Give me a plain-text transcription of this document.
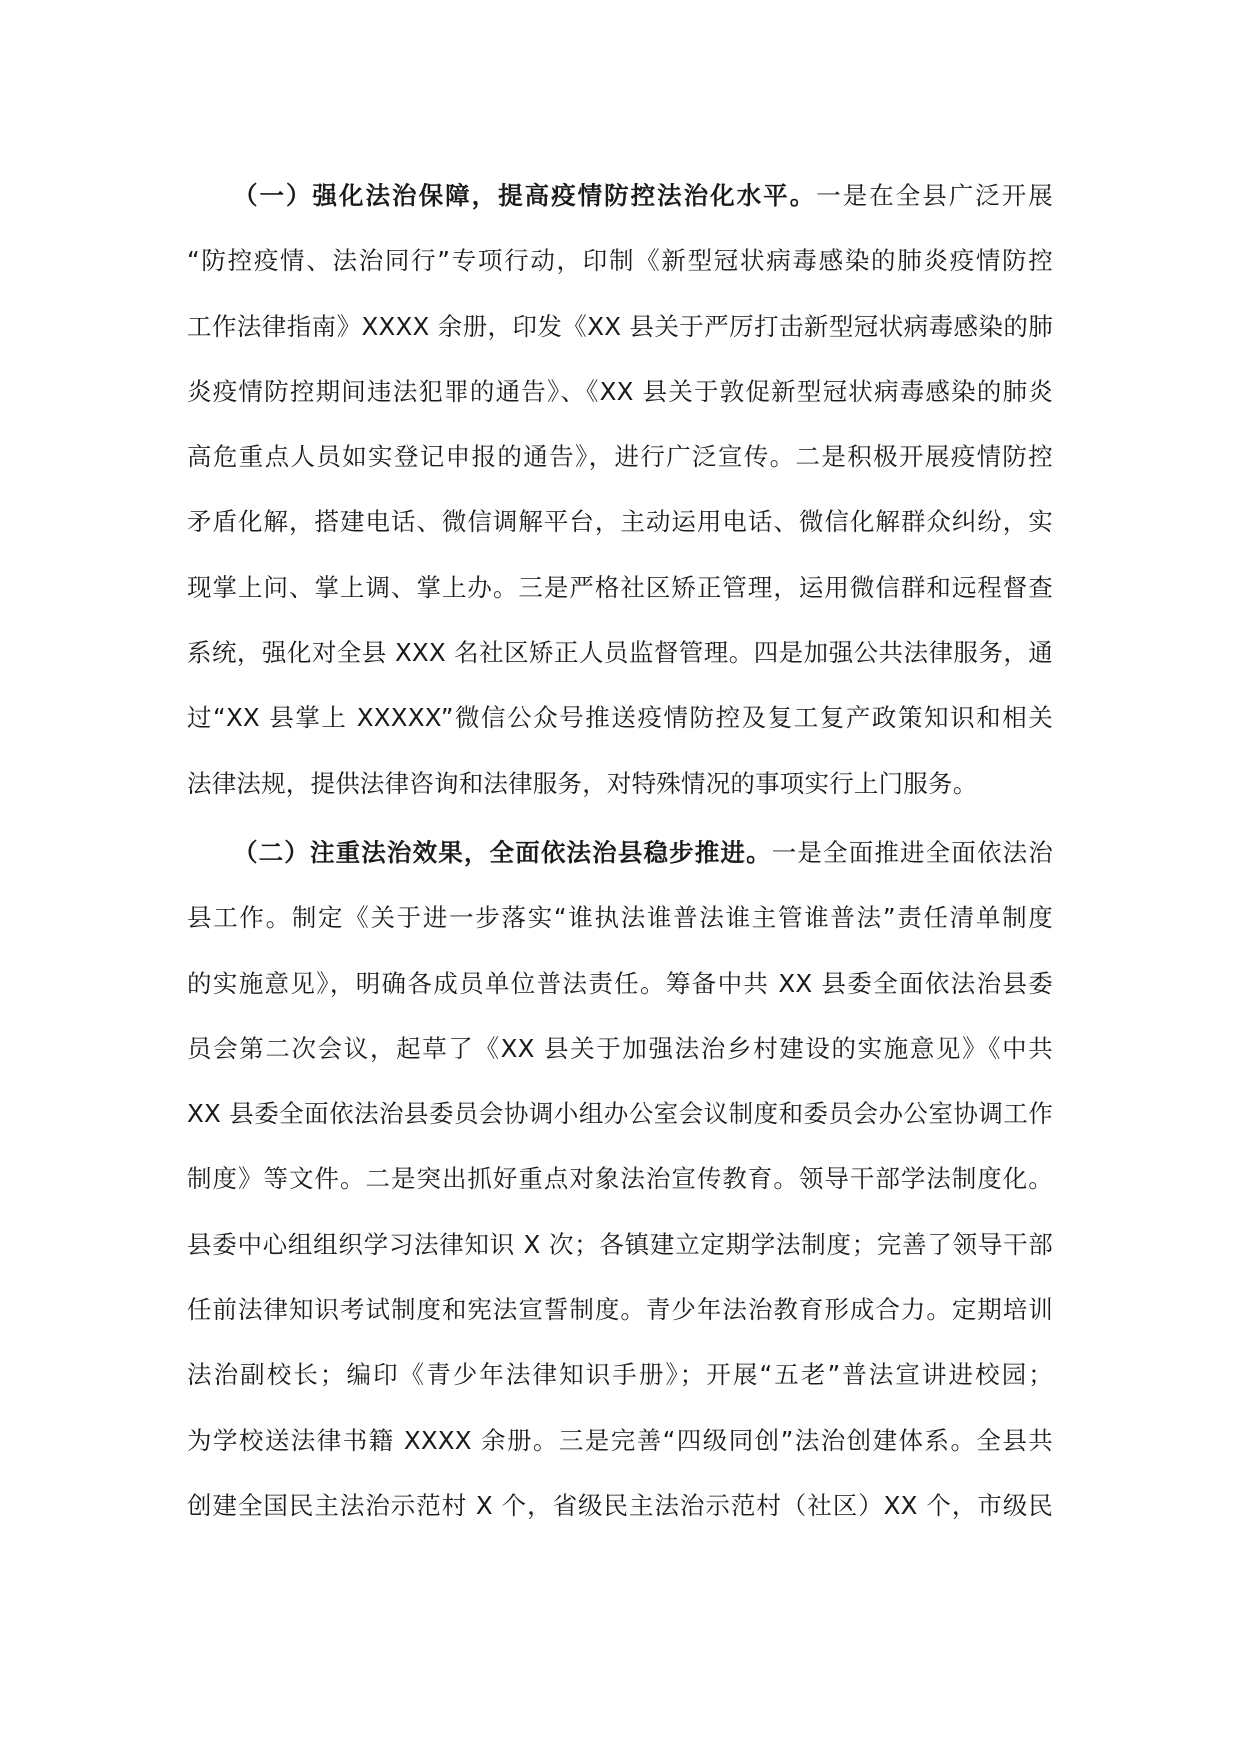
（一）强化法治保障，提高疫情防控法治化水平。一是在全县广泛开展
“防控疫情、法治同行”专项行动，印制《新型冠状病毒感染的肺炎疫情防控
工作法律指南》XXXX 余册，印发《XX 县关于严厉打击新型冠状病毒感染的肺
炎疫情防控期间违法犯罪的通告》、《XX 县关于敦促新型冠状病毒感染的肺炎
高危重点人员如实登记申报的通告》，进行广泛宣传。二是积极开展疫情防控
矛盾化解，搭建电话、微信调解平台，主动运用电话、微信化解群众纠纷，实
现掌上问、掌上调、掌上办。三是严格社区矫正管理，运用微信群和远程督查
系统，强化对全县 XXX 名社区矫正人员监督管理。四是加强公共法律服务，通
过“XX 县掌上 XXXXX”微信公众号推送疫情防控及复工复产政策知识和相关
法律法规，提供法律咨询和法律服务，对特殊情况的事项实行上门服务。
（二）注重法治效果，全面依法治县稳步推进。一是全面推进全面依法治
县工作。制定《关于进一步落实“谁执法谁普法谁主管谁普法”责任清单制度
的实施意见》，明确各成员单位普法责任。筹备中共 XX 县委全面依法治县委
员会第二次会议，起草了《XX 县关于加强法治乡村建设的实施意见》《中共
XX 县委全面依法治县委员会协调小组办公室会议制度和委员会办公室协调工作
制度》等文件。二是突出抓好重点对象法治宣传教育。领导干部学法制度化。
县委中心组组织学习法律知识 X 次；各镇建立定期学法制度；完善了领导干部
任前法律知识考试制度和宪法宣誓制度。青少年法治教育形成合力。定期培训
法治副校长；编印《青少年法律知识手册》；开展“五老”普法宣讲进校园；
为学校送法律书籍 XXXX 余册。三是完善“四级同创”法治创建体系。全县共
创建全国民主法治示范村 X 个，省级民主法治示范村（社区）XX 个，市级民
